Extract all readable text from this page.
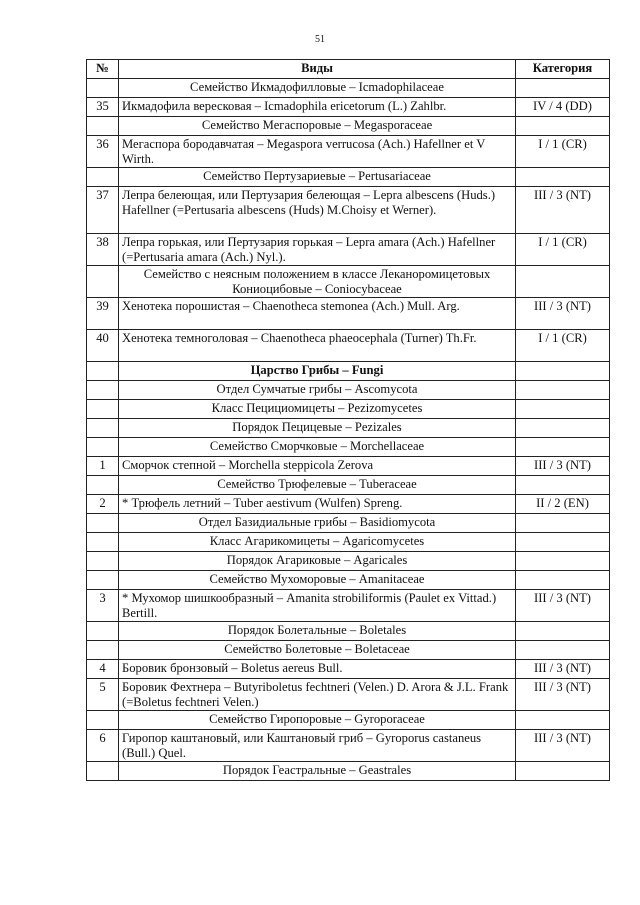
51
№	Виды	Категория
	Семейство Икмадофилловые – Icmadophilaceae	
35	Икмадофила вересковая – Icmadophila ericetorum (L.) Zahlbr.	IV / 4 (DD)
	Семейство Мегаспоровые – Megasporaceae	
36	Мегаспора бородавчатая – Megaspora verrucosa (Ach.) Hafellner et V Wirth.	I / 1 (CR)
	Семейство Пертузариевые – Pertusariaceae	
37	Лепра белеющая, или Пертузария белеющая – Lepra albescens (Huds.) Hafellner (=Pertusaria albescens (Huds) M.Choisy et Werner).	III / 3 (NT)
38	Лепра горькая, или Пертузария горькая – Lepra amara (Ach.) Hafellner (=Pertusaria amara (Ach.) Nyl.).	I / 1 (CR)
	Семейство с неясным положением в классе Леканоромицетовых Кониоцибовые – Coniocybaceae	
39	Хенотека порошистая – Chaenotheca stemonea (Ach.) Mull. Arg.	III / 3 (NT)
40	Хенотека темноголовая – Chaenotheca phaeocephala (Turner) Th.Fr.	I / 1 (CR)
	Царство Грибы – Fungi	
	Отдел Сумчатые грибы – Ascomycota	
	Класс Пецициомицеты – Pezizomycetes	
	Порядок Пецицевые – Pezizales	
	Семейство Сморчковые – Morchellaceae	
1	Сморчок степной – Morchella steppicola Zerova	III / 3 (NT)
	Семейство Трюфелевые – Tuberaceae	
2	* Трюфель летний – Tuber aestivum (Wulfen) Spreng.	II / 2 (EN)
	Отдел Базидиальные грибы – Basidiomycota	
	Класс Агарикомицеты – Agaricomycetes	
	Порядок Агариковые – Agaricales	
	Семейство Мухоморовые – Amanitaceae	
3	* Мухомор шишкообразный – Amanita strobiliformis (Paulet ex Vittad.) Bertill.	III / 3 (NT)
	Порядок Болетальные – Boletales	
	Семейство Болетовые – Boletaceae	
4	Боровик бронзовый – Boletus aereus Bull.	III / 3 (NT)
5	Боровик Фехтнера – Butyriboletus fechtneri (Velen.) D. Arora & J.L. Frank (=Boletus fechtneri Velen.)	III / 3 (NT)
	Семейство Гиропоровые – Gyroporaceae	
6	Гиропор каштановый, или Каштановый гриб – Gyroporus castaneus (Bull.) Quel.	III / 3 (NT)
	Порядок Геастральные – Geastrales	
